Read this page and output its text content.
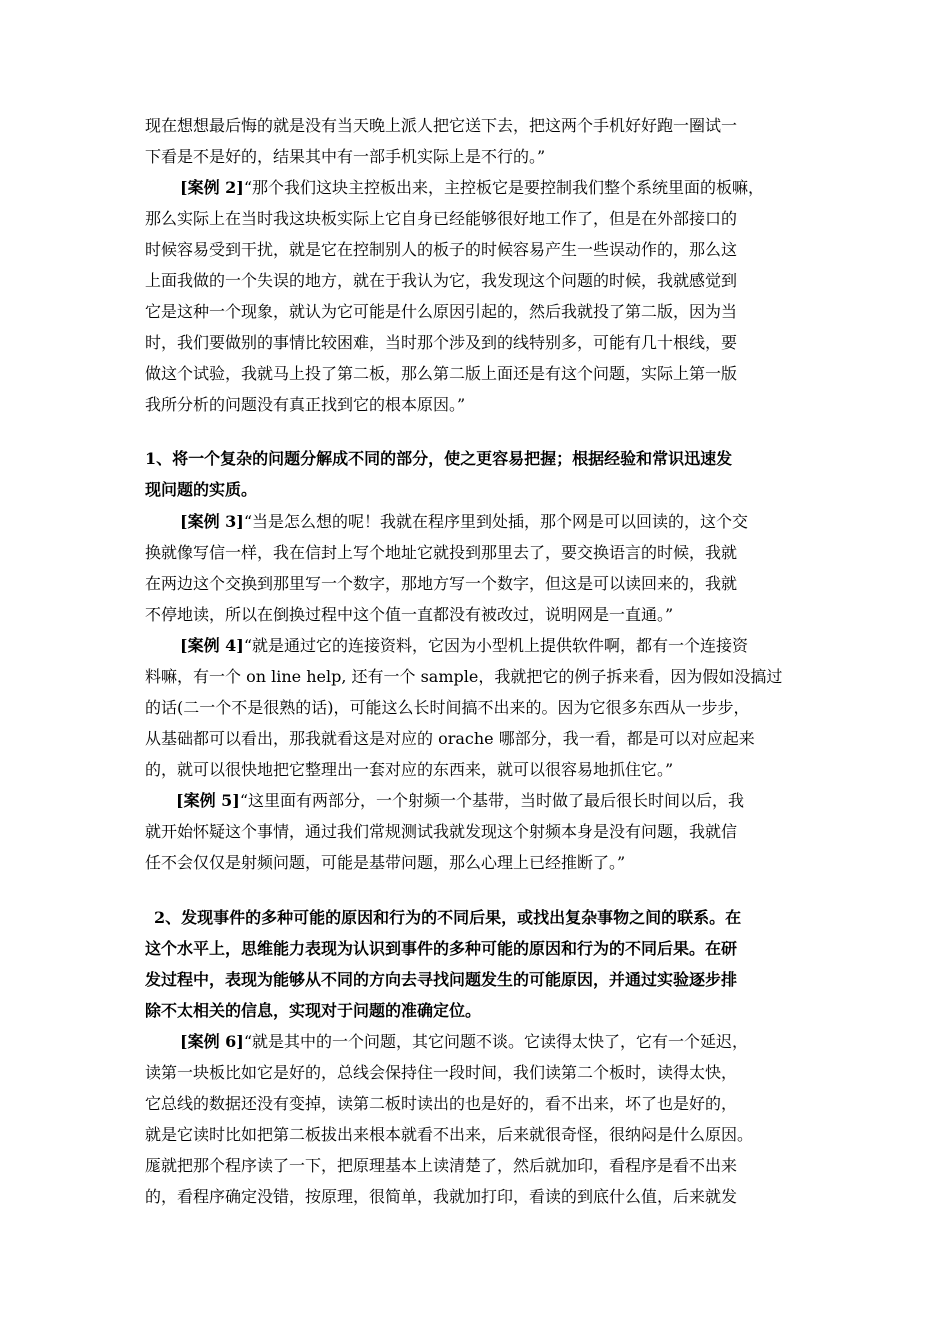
现在想想最后悔的就是没有当天晚上派人把它送下去，把这两个手机好好跑一圈试一
下看是不是好的，结果其中有一部手机实际上是不行的。”
[案例 2]“那个我们这块主控板出来，主控板它是要控制我们整个系统里面的板嘛，
那么实际上在当时我这块板实际上它自身已经能够很好地工作了，但是在外部接口的
时候容易受到干扰，就是它在控制别人的板子的时候容易产生一些误动作的，那么这
上面我做的一个失误的地方，就在于我认为它，我发现这个问题的时候，我就感觉到
它是这种一个现象，就认为它可能是什么原因引起的，然后我就投了第二版，因为当
时，我们要做别的事情比较困难，当时那个涉及到的线特别多，可能有几十根线，要
做这个试验，我就马上投了第二板，那么第二版上面还是有这个问题，实际上第一版
我所分析的问题没有真正找到它的根本原因。”
1、将一个复杂的问题分解成不同的部分，使之更容易把握；根据经验和常识迅速发
现问题的实质。
[案例 3]“当是怎么想的呢！我就在程序里到处插，那个网是可以回读的，这个交
换就像写信一样，我在信封上写个地址它就投到那里去了，要交换语言的时候，我就
在两边这个交换到那里写一个数字，那地方写一个数字，但这是可以读回来的，我就
不停地读，所以在倒换过程中这个值一直都没有被改过，说明网是一直通。”
[案例 4]“就是通过它的连接资料，它因为小型机上提供软件啊，都有一个连接资
料嘛，有一个 on line help, 还有一个 sample，我就把它的例子拆来看，因为假如没搞过
的话(二一个不是很熟的话)，可能这么长时间搞不出来的。因为它很多东西从一步步，
从基础都可以看出，那我就看这是对应的 orache 哪部分，我一看，都是可以对应起来
的，就可以很快地把它整理出一套对应的东西来，就可以很容易地抓住它。”
[案例 5]“这里面有两部分，一个射频一个基带，当时做了最后很长时间以后，我
就开始怀疑这个事情，通过我们常规测试我就发现这个射频本身是没有问题，我就信
任不会仅仅是射频问题，可能是基带问题，那么心理上已经推断了。”
2、发现事件的多种可能的原因和行为的不同后果，或找出复杂事物之间的联系。在
这个水平上，思维能力表现为认识到事件的多种可能的原因和行为的不同后果。在研
发过程中，表现为能够从不同的方向去寻找问题发生的可能原因，并通过实验逐步排
除不太相关的信息，实现对于问题的准确定位。
[案例 6]“就是其中的一个问题，其它问题不谈。它读得太快了，它有一个延迟，
读第一块板比如它是好的，总线会保持住一段时间，我们读第二个板时，读得太快，
它总线的数据还没有变掉，读第二板时读出的也是好的，看不出来，坏了也是好的，
就是它读时比如把第二板拔出来根本就看不出来，后来就很奇怪，很纳闷是什么原因。
厖就把那个程序读了一下，把原理基本上读清楚了，然后就加印，看程序是看不出来
的，看程序确定没错，按原理，很简单，我就加打印，看读的到底什么值，后来就发
